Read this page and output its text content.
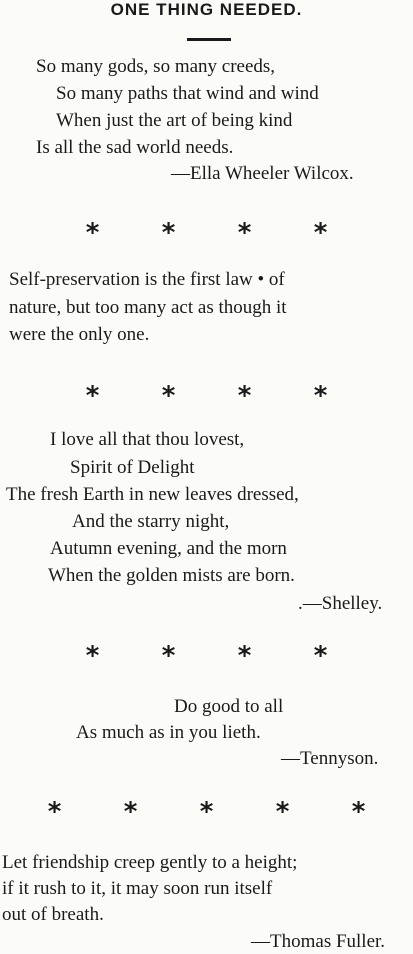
ONE THING NEEDED.
So many gods, so many creeds,
So many paths that wind and wind
When just the art of being kind
Is all the sad world needs.
—Ella Wheeler Wilcox.
*	*	*	*
Self-preservation is the first law • of
nature, but too many act as though it
were the only one.
*	*	*	*
I love all that thou lovest,
Spirit of Delight
The fresh Earth in new leaves dressed,
And the starry night,
Autumn evening, and the morn
When the golden mists are born.
.—Shelley.
*	*	*	*
Do good to all
As much as in you lieth.
—Tennyson.
*	*	*	*	*
Let friendship creep gently to a height;
if it rush to it, it may soon run itself
out of breath.
—Thomas Fuller.
